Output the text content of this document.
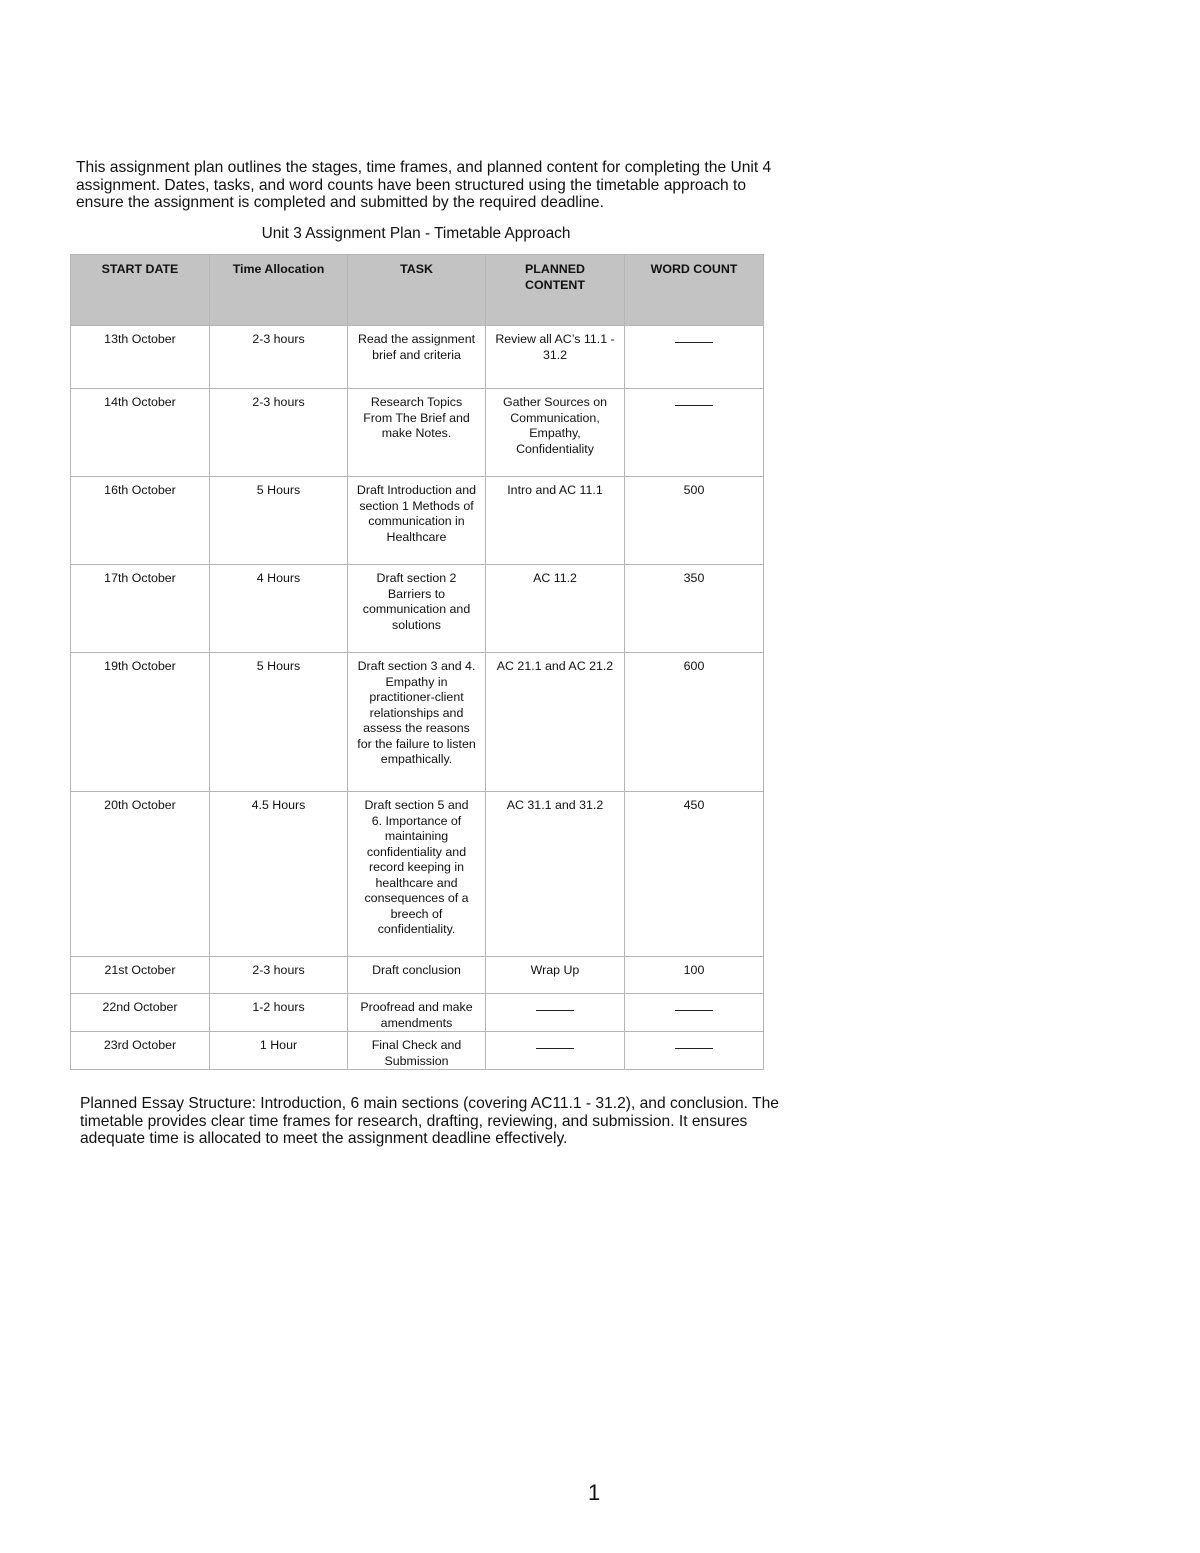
This assignment plan outlines the stages, time frames, and planned content for completing the Unit 4 assignment. Dates, tasks, and word counts have been structured using the timetable approach to ensure the assignment is completed and submitted by the required deadline.

Unit 3 Assignment Plan - Timetable Approach
START DATE	Time Allocation	TASK	PLANNED CONTENT	WORD COUNT
13th October	2-3 hours	Read the assignment brief and criteria	Review all AC’s 11.1 - 31.2	
14th October	2-3 hours	Research Topics From The Brief and make Notes.	Gather Sources on Communication, Empathy, Confidentiality	
16th October	5 Hours	Draft Introduction and section 1 Methods of communication in Healthcare	Intro and AC 11.1	500
17th October	4 Hours	Draft section 2 Barriers to communication and solutions	AC 11.2	350
19th October	5 Hours	Draft section 3 and 4. Empathy in practitioner-client relationships and assess the reasons for the failure to listen empathically.	AC 21.1 and AC 21.2	600
20th October	4.5 Hours	Draft section 5 and 6. Importance of maintaining confidentiality and record keeping in healthcare and consequences of a breech of confidentiality.	AC 31.1 and 31.2	450
21st October	2-3 hours	Draft conclusion	Wrap Up	100
22nd October	1-2 hours	Proofread and make amendments		
23rd October	1 Hour	Final Check and Submission		

Planned Essay Structure: Introduction, 6 main sections (covering AC11.1 - 31.2), and conclusion. The timetable provides clear time frames for research, drafting, reviewing, and submission. It ensures adequate time is allocated to meet the assignment deadline effectively.

1
